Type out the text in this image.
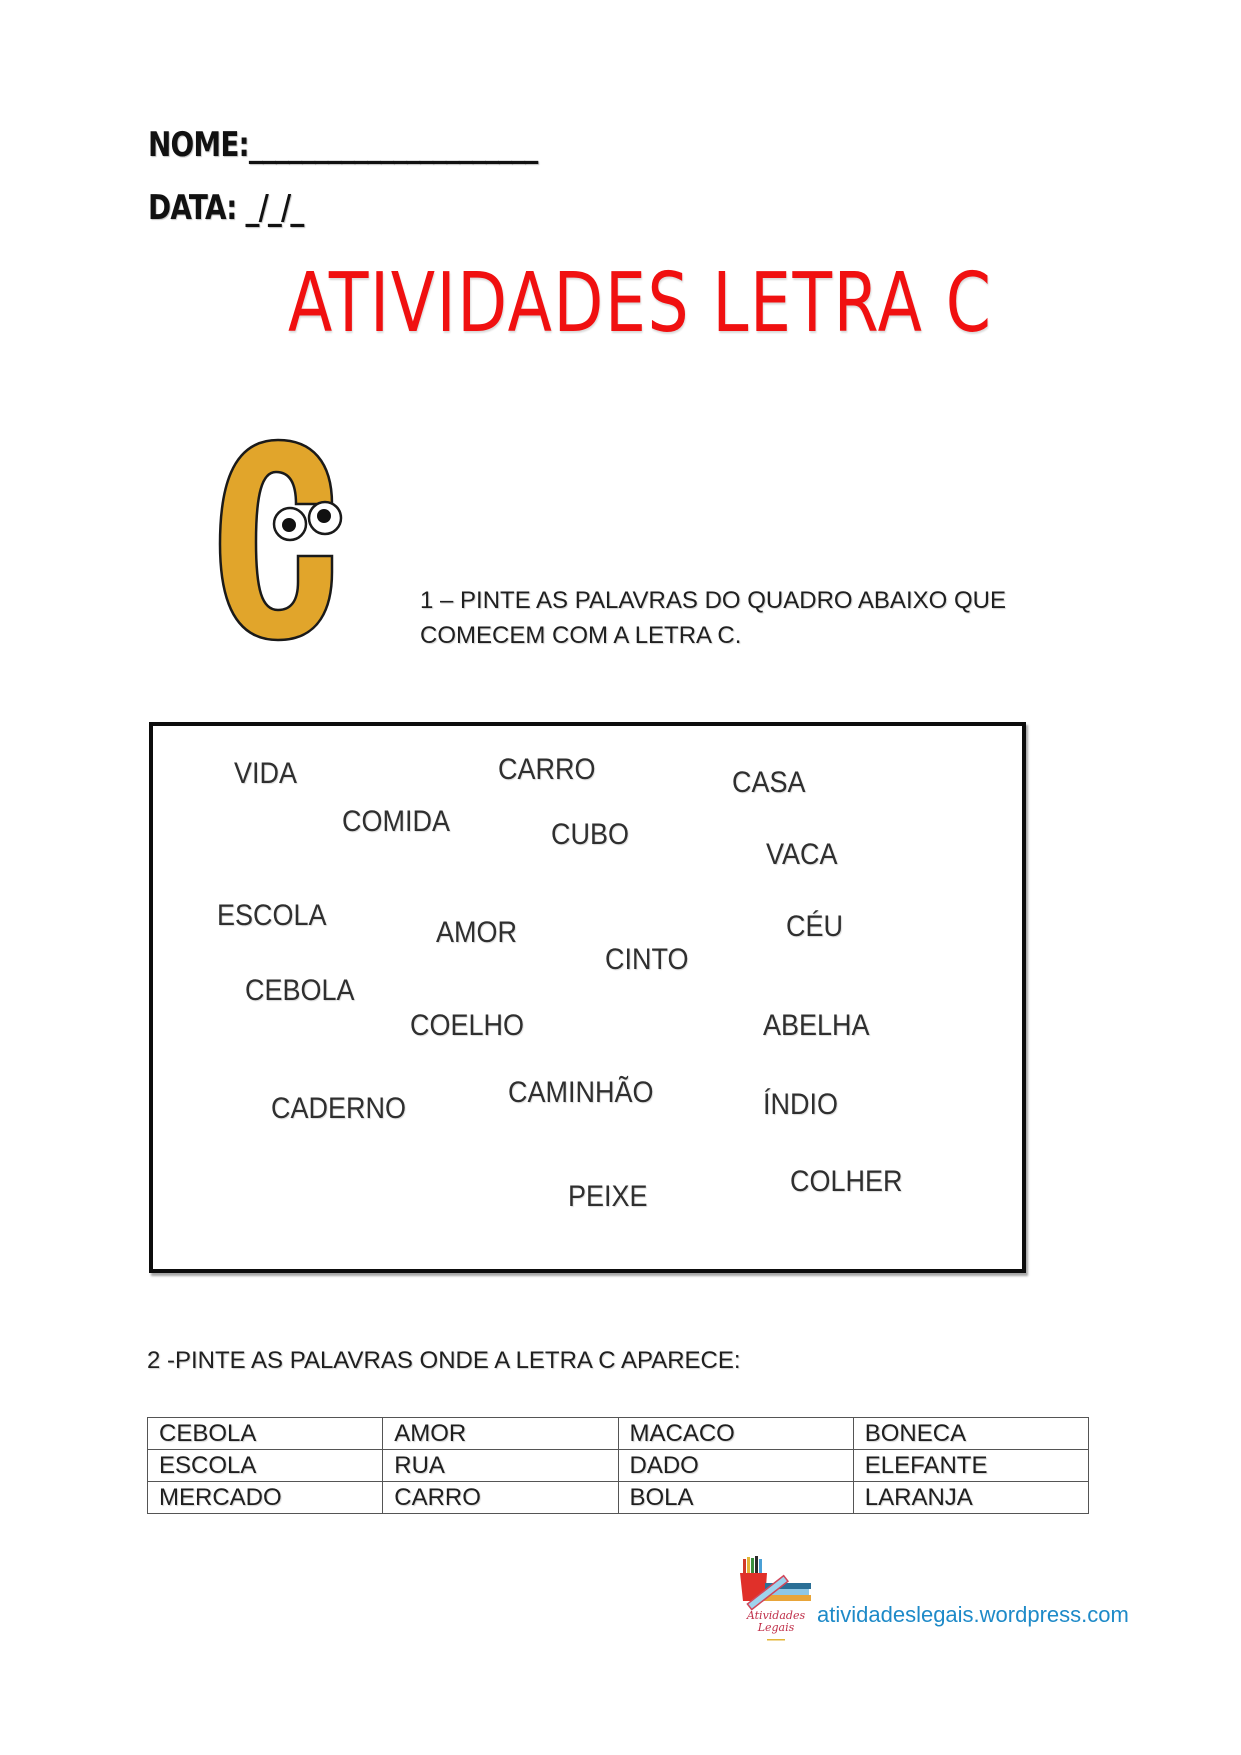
NOME:______________________
DATA: _/_/_
ATIVIDADES LETRA C
1 – PINTE AS PALAVRAS DO QUADRO ABAIXO QUE
COMECEM COM A LETRA C.
VIDA	CARRO	CASA
COMIDA	CUBO
VACA
ESCOLA
AMOR	CÉU
CINTO
CEBOLA
COELHO	ABELHA
CAMINHÃO
CADERNO	ÍNDIO
COLHER
PEIXE
2 -PINTE AS PALAVRAS ONDE A LETRA C APARECE:
CEBOLA	AMOR	MACACO	BONECA
ESCOLA	RUA	DADO	ELEFANTE
MERCADO	CARRO	BOLA	LARANJA
Atividades
Legais
atividadeslegais.wordpress.com
